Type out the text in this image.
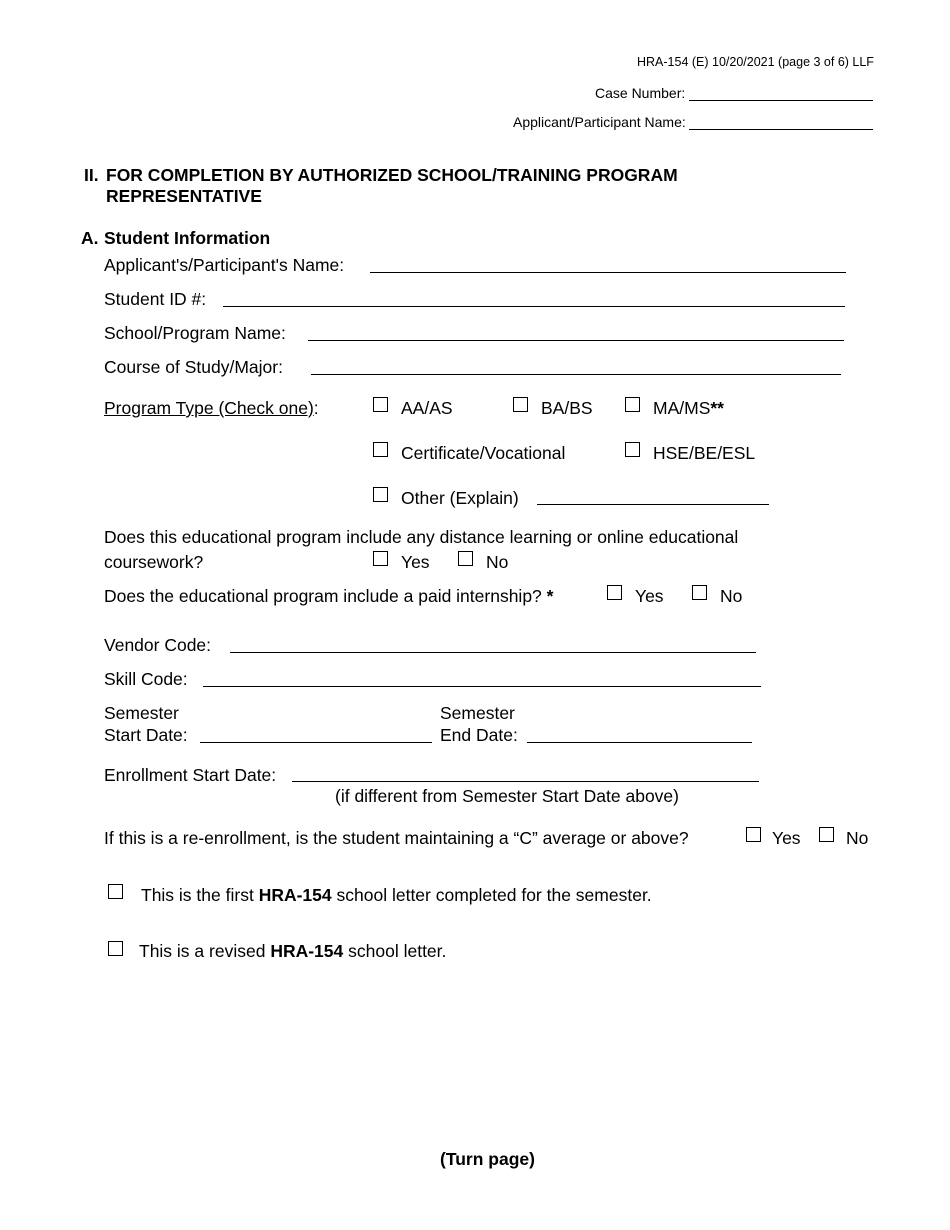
HRA-154 (E) 10/20/2021 (page 3 of 6) LLF
Case Number:
Applicant/Participant Name:
II. FOR COMPLETION BY AUTHORIZED SCHOOL/TRAINING PROGRAM
REPRESENTATIVE
A. Student Information
Applicant's/Participant's Name:
Student ID #:
School/Program Name:
Course of Study/Major:
Program Type (Check one):	AA/AS	BA/BS	MA/MS**
Certificate/Vocational	HSE/BE/ESL
Other (Explain)
Does this educational program include any distance learning or online educational
coursework?	Yes	No
Does the educational program include a paid internship? *	Yes	No
Vendor Code:
Skill Code:
Semester
Start Date:
Semester
End Date:
Enrollment Start Date:
(if different from Semester Start Date above)
If this is a re-enrollment, is the student maintaining a “C” average or above?	Yes	No
This is the first HRA-154 school letter completed for the semester.
This is a revised HRA-154 school letter.
(Turn page)
